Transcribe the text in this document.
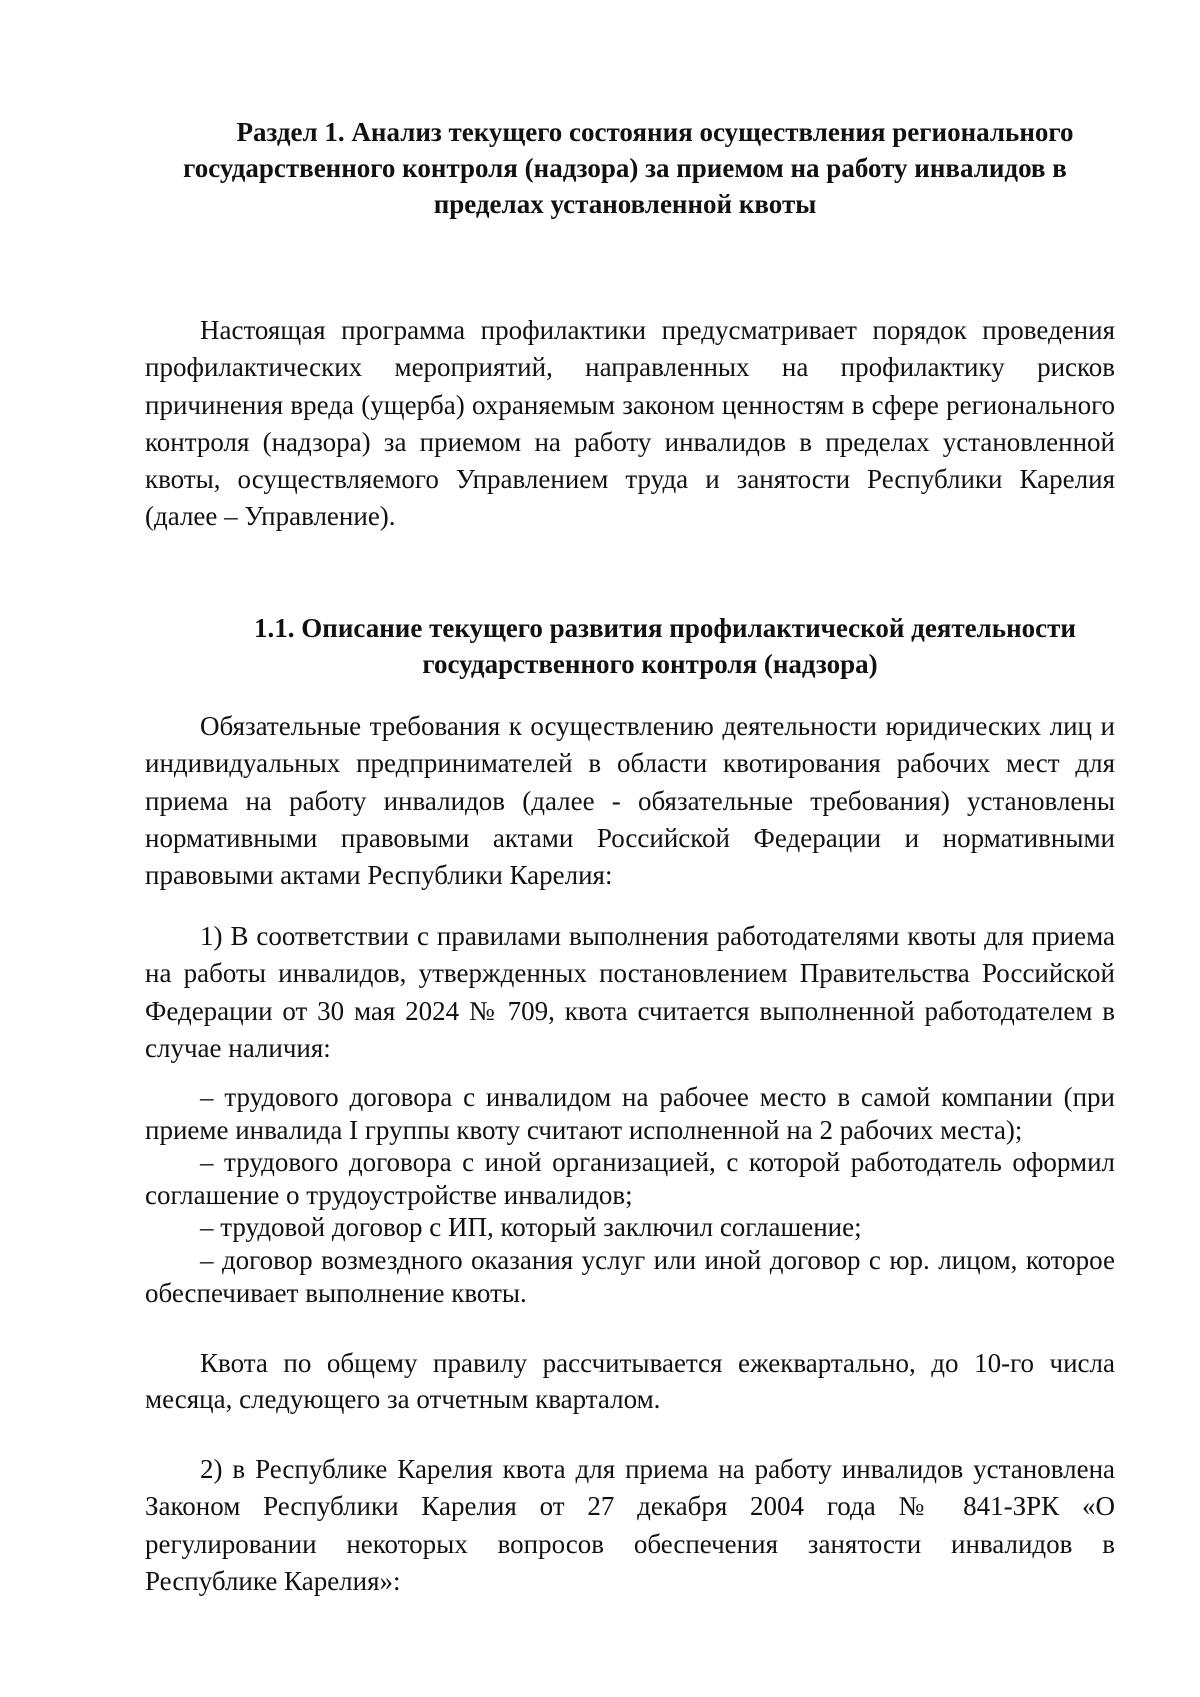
Раздел 1. Анализ текущего состояния осуществления регионального
государственного контроля (надзора) за приемом на работу инвалидов в пределах установленной квоты

Настоящая программа профилактики предусматривает порядок проведения профилактических мероприятий, направленных на профилактику рисков причинения вреда (ущерба) охраняемым законом ценностям в сфере регионального контроля (надзора) за приемом на работу инвалидов в пределах установленной квоты, осуществляемого Управлением труда и занятости Республики Карелия (далее – Управление).

1.1. Описание текущего развития профилактической деятельности
государственного контроля (надзора)

Обязательные требования к осуществлению деятельности юридических лиц и индивидуальных предпринимателей в области квотирования рабочих мест для приема на работу инвалидов (далее - обязательные требования) установлены нормативными правовыми актами Российской Федерации и нормативными правовыми актами Республики Карелия:

1) В соответствии с правилами выполнения работодателями квоты для приема на работы инвалидов, утвержденных постановлением Правительства Российской Федерации от 30 мая 2024 № 709, квота считается выполненной работодателем в случае наличия:

– трудового договора с инвалидом на рабочее место в самой компании (при приеме инвалида I группы квоту считают исполненной на 2 рабочих места);
– трудового договора с иной организацией, с которой работодатель оформил соглашение о трудоустройстве инвалидов;
– трудовой договор с ИП, который заключил соглашение;
– договор возмездного оказания услуг или иной договор с юр. лицом, которое обеспечивает выполнение квоты.

Квота по общему правилу рассчитывается ежеквартально, до 10-го числа месяца, следующего за отчетным кварталом.

2) в Республике Карелия квота для приема на работу инвалидов установлена Законом Республики Карелия от 27 декабря 2004 года № 841-ЗРК «О регулировании некоторых вопросов обеспечения занятости инвалидов в Республике Карелия»:
